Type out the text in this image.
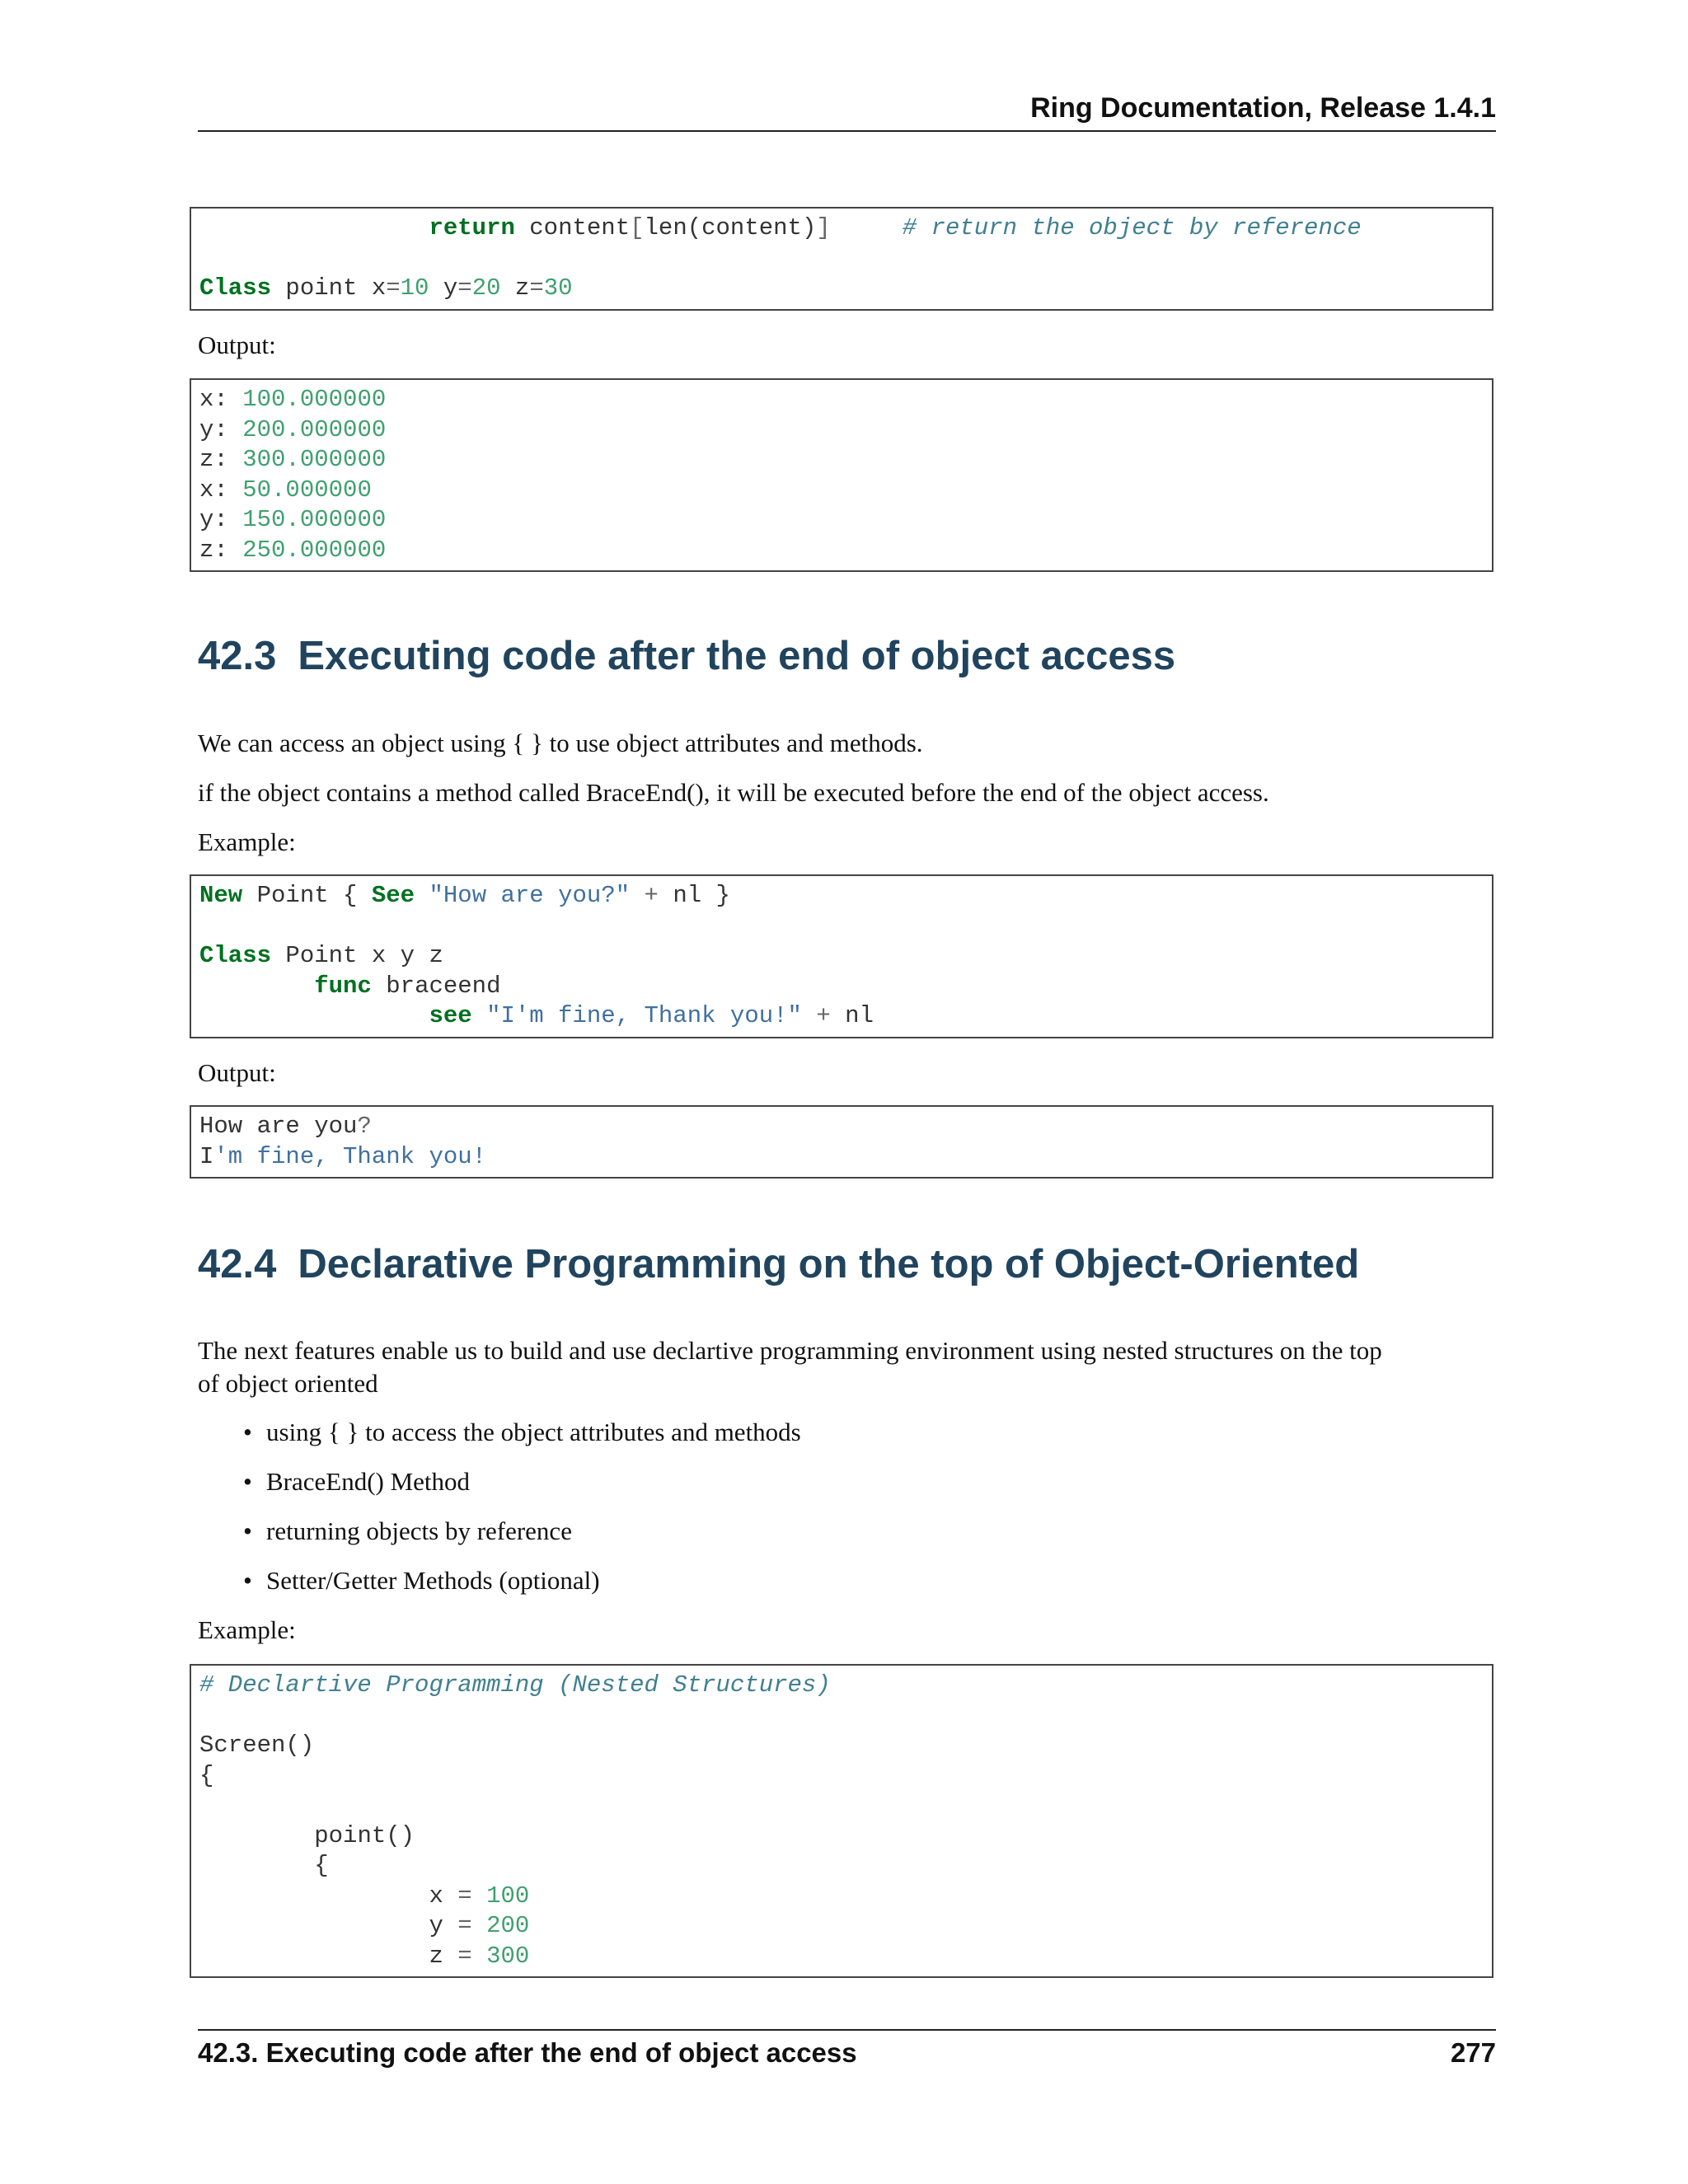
Ring Documentation, Release 1.4.1
return content[len(content)]	# return the object by reference
Class point x=10 y=20 z=30
Output:
x: 100.000000
y: 200.000000
z: 300.000000
x: 50.000000
y: 150.000000
z: 250.000000
42.3 Executing code after the end of object access
We can access an object using { } to use object attributes and methods.
if the object contains a method called BraceEnd(), it will be executed before the end of the object access.
Example:
New Point { See "How are you?" + nl }
Class Point x y z
func braceend
see "I'm fine, Thank you!" + nl
Output:
How are you?
I'm fine, Thank you!
42.4 Declarative Programming on the top of Object-Oriented
The next features enable us to build and use declartive programming environment using nested structures on the top
of object oriented
• using { } to access the object attributes and methods
• BraceEnd() Method
• returning objects by reference
• Setter/Getter Methods (optional)
Example:
# Declartive Programming (Nested Structures)
Screen()
{
point()
{
x = 100
y = 200
z = 300
42.3. Executing code after the end of object access	277
